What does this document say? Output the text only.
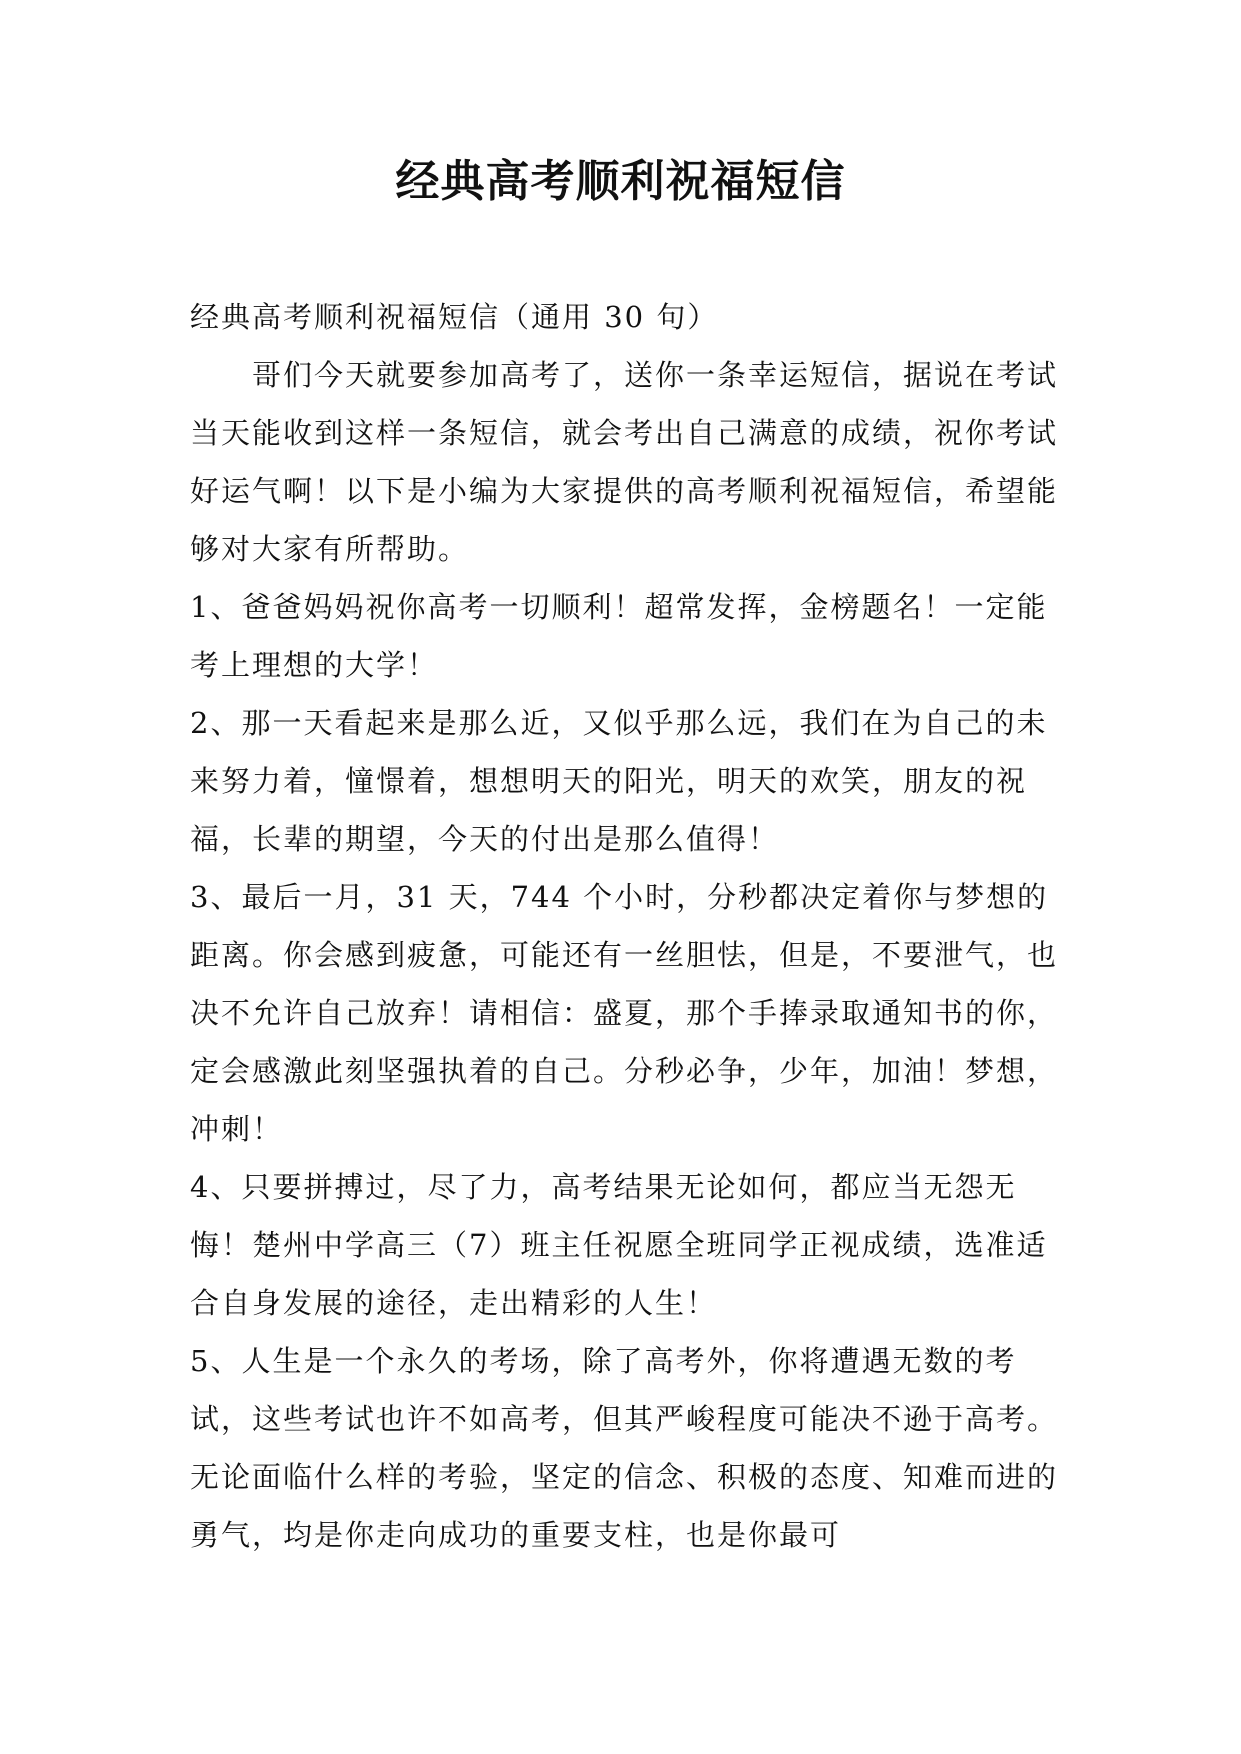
经典高考顺利祝福短信

经典高考顺利祝福短信（通用 30 句）

哥们今天就要参加高考了，送你一条幸运短信，据说在考试当天能收到这样一条短信，就会考出自己满意的成绩，祝你考试好运气啊！以下是小编为大家提供的高考顺利祝福短信，希望能够对大家有所帮助。

1、爸爸妈妈祝你高考一切顺利！超常发挥，金榜题名！一定能考上理想的大学！

2、那一天看起来是那么近，又似乎那么远，我们在为自己的未来努力着，憧憬着，想想明天的阳光，明天的欢笑，朋友的祝福，长辈的期望，今天的付出是那么值得！

3、最后一月，31 天，744 个小时，分秒都决定着你与梦想的距离。你会感到疲惫，可能还有一丝胆怯，但是，不要泄气，也决不允许自己放弃！请相信：盛夏，那个手捧录取通知书的你，定会感激此刻坚强执着的自己。分秒必争，少年，加油！梦想，冲刺！

4、只要拼搏过，尽了力，高考结果无论如何，都应当无怨无悔！楚州中学高三（7）班主任祝愿全班同学正视成绩，选准适合自身发展的途径，走出精彩的人生！

5、人生是一个永久的考场，除了高考外，你将遭遇无数的考试，这些考试也许不如高考，但其严峻程度可能决不逊于高考。无论面临什么样的考验，坚定的信念、积极的态度、知难而进的勇气，均是你走向成功的重要支柱，也是你最可
